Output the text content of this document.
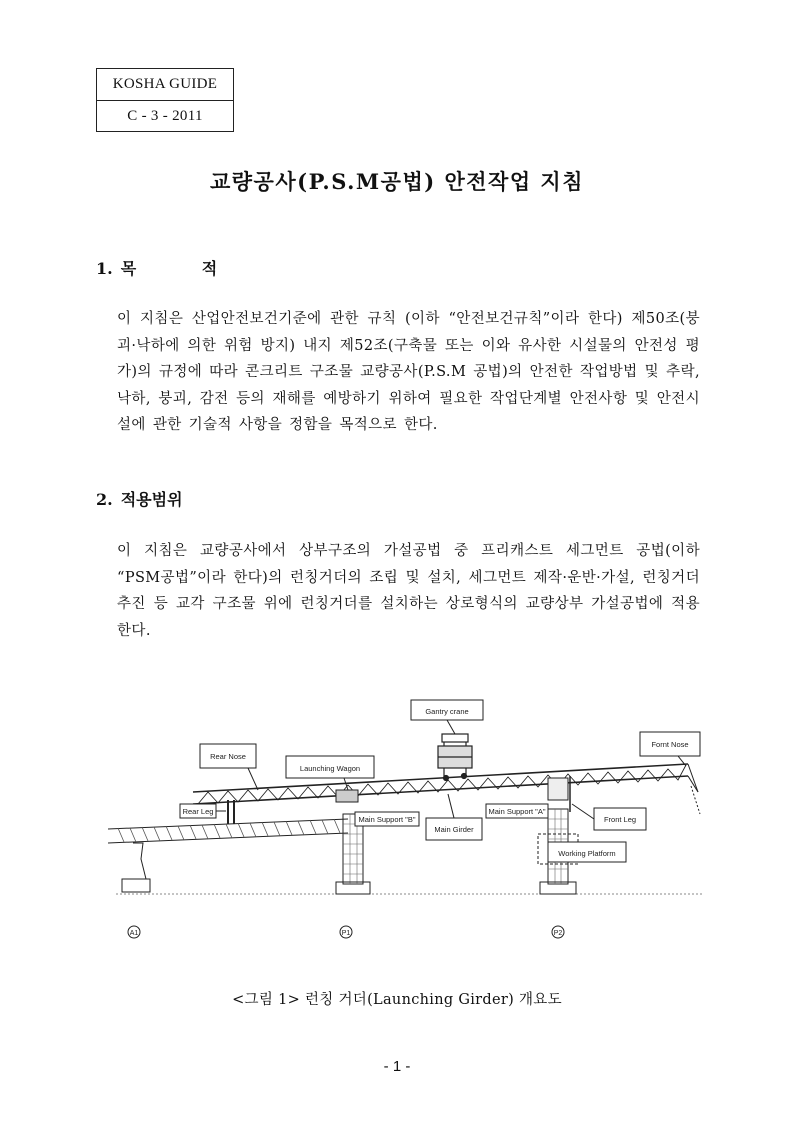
KOSHA GUIDE
C - 3 - 2011
교량공사(P.S.M공법) 안전작업 지침
1. 목 적
이 지침은 산업안전보건기준에 관한 규칙 (이하 “안전보건규칙”이라 한다) 제50조(붕괴·낙하에 의한 위험 방지) 내지 제52조(구축물 또는 이와 유사한 시설물의 안전성 평가)의 규정에 따라 콘크리트 구조물 교량공사(P.S.M 공법)의 안전한 작업방법 및 추락, 낙하, 붕괴, 감전 등의 재해를 예방하기 위하여 필요한 작업단계별 안전사항 및 안전시설에 관한 기술적 사항을 정함을 목적으로 한다.
2. 적용범위
이 지침은 교량공사에서 상부구조의 가설공법 중 프리캐스트 세그먼트 공법(이하 “PSM공법”이라 한다)의 런칭거더의 조립 및 설치, 세그먼트 제작·운반·가설, 런칭거더 추진 등 교각 구조물 위에 런칭거더를 설치하는 상로형식의 교량상부 가설공법에 적용한다.
Gantry crane
Rear Nose
Fornt Nose
Launching Wagon
Rear Leg
Main Support "B"
Main Support "A"
Main Girder
Front Leg
Working Platform
A1	P1	P2
<그림 1> 런칭 거더(Launching Girder) 개요도
- 1 -
